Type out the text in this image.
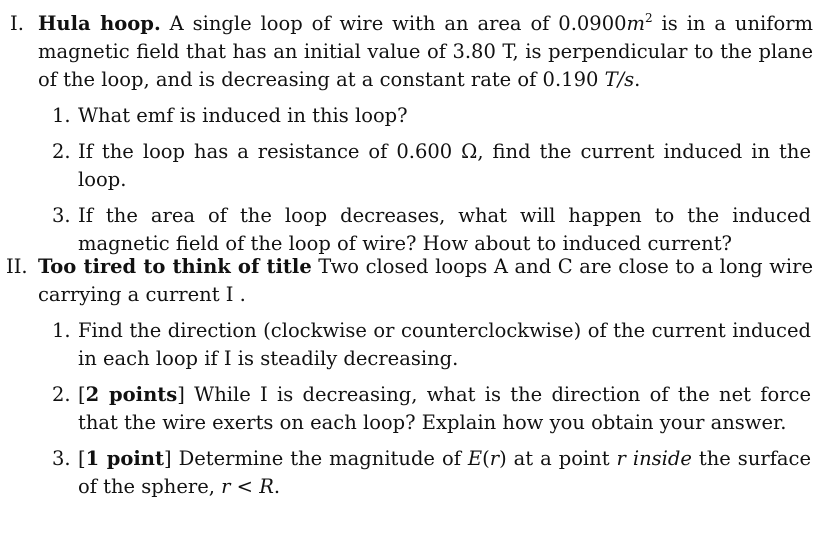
I. Hula hoop. A single loop of wire with an area of $0.0900m^2$ is in a uniform magnetic field that has an initial value of 3.80 T, is perpendicular to the plane of the loop, and is decreasing at a constant rate of 0.190 T/s.
1. What emf is induced in this loop?
2. If the loop has a resistance of 0.600 Ω, find the current induced in the loop.
3. If the area of the loop decreases, what will happen to the induced magnetic field of the loop of wire? How about to induced current?
II. Too tired to think of title Two closed loops A and C are close to a long wire carrying a current I .
1. Find the direction (clockwise or counterclockwise) of the current induced in each loop if I is steadily decreasing.
2. [2 points] While I is decreasing, what is the direction of the net force that the wire exerts on each loop? Explain how you obtain your answer.
3. [1 point] Determine the magnitude of E(r) at a point r inside the surface of the sphere, r < R.
